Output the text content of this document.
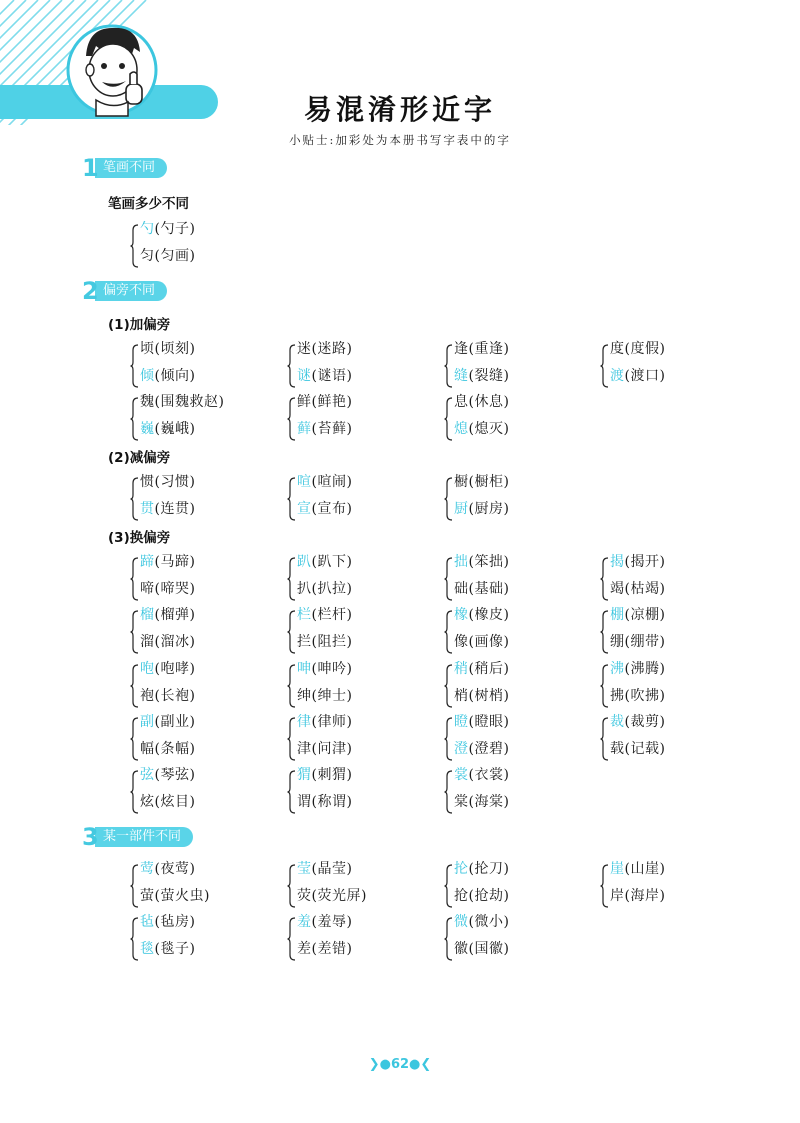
易混淆形近字
小贴士:加彩处为本册书写字表中的字
1 笔画不同
笔画多少不同
2 偏旁不同
(1)加偏旁
(2)减偏旁
(3)换偏旁
3 某一部件不同
勺(勺子)
匀(匀画)
顷(顷刻)
倾(倾向)
迷(迷路)
谜(谜语)
逢(重逢)
缝(裂缝)
度(度假)
渡(渡口)
魏(围魏救赵)
巍(巍峨)
鲜(鲜艳)
藓(苔藓)
息(休息)
熄(熄灭)
惯(习惯)
贯(连贯)
喧(喧闹)
宣(宣布)
橱(橱柜)
厨(厨房)
蹄(马蹄)
啼(啼哭)
趴(趴下)
扒(扒拉)
拙(笨拙)
础(基础)
揭(揭开)
竭(枯竭)
榴(榴弹)
溜(溜冰)
栏(栏杆)
拦(阻拦)
橡(橡皮)
像(画像)
棚(凉棚)
绷(绷带)
咆(咆哮)
袍(长袍)
呻(呻吟)
绅(绅士)
稍(稍后)
梢(树梢)
沸(沸腾)
拂(吹拂)
副(副业)
幅(条幅)
律(律师)
津(问津)
瞪(瞪眼)
澄(澄碧)
裁(裁剪)
载(记载)
弦(琴弦)
炫(炫目)
猬(刺猬)
谓(称谓)
裳(衣裳)
棠(海棠)
莺(夜莺)
萤(萤火虫)
莹(晶莹)
荧(荧光屏)
抡(抡刀)
抢(抢劫)
崖(山崖)
岸(海岸)
毡(毡房)
毯(毯子)
羞(羞辱)
差(差错)
微(微小)
徽(国徽)
❯●62●❮
